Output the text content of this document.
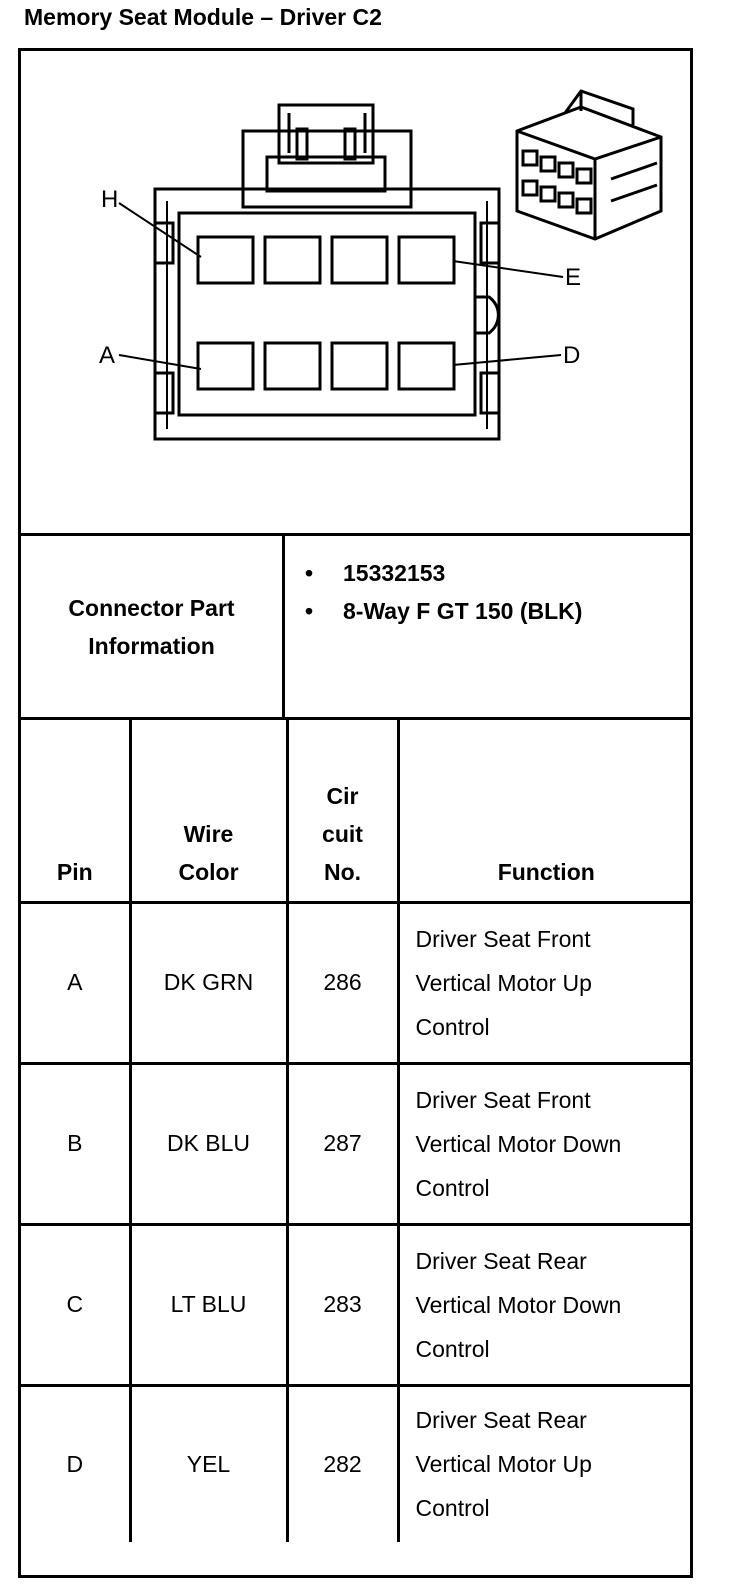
Memory Seat Module – Driver C2
H
E
A	D
Connector Part Information
• 15332153
• 8-Way F GT 150 (BLK)
Pin	Wire Color	Cir cuit No.	Function
A	DK GRN	286	Driver Seat Front Vertical Motor Up Control

B	DK BLU	287	Driver Seat Front Vertical Motor Down Control

C	LT BLU	283	Driver Seat Rear Vertical Motor Down Control

D	YEL	282	Driver Seat Rear Vertical Motor Up Control
